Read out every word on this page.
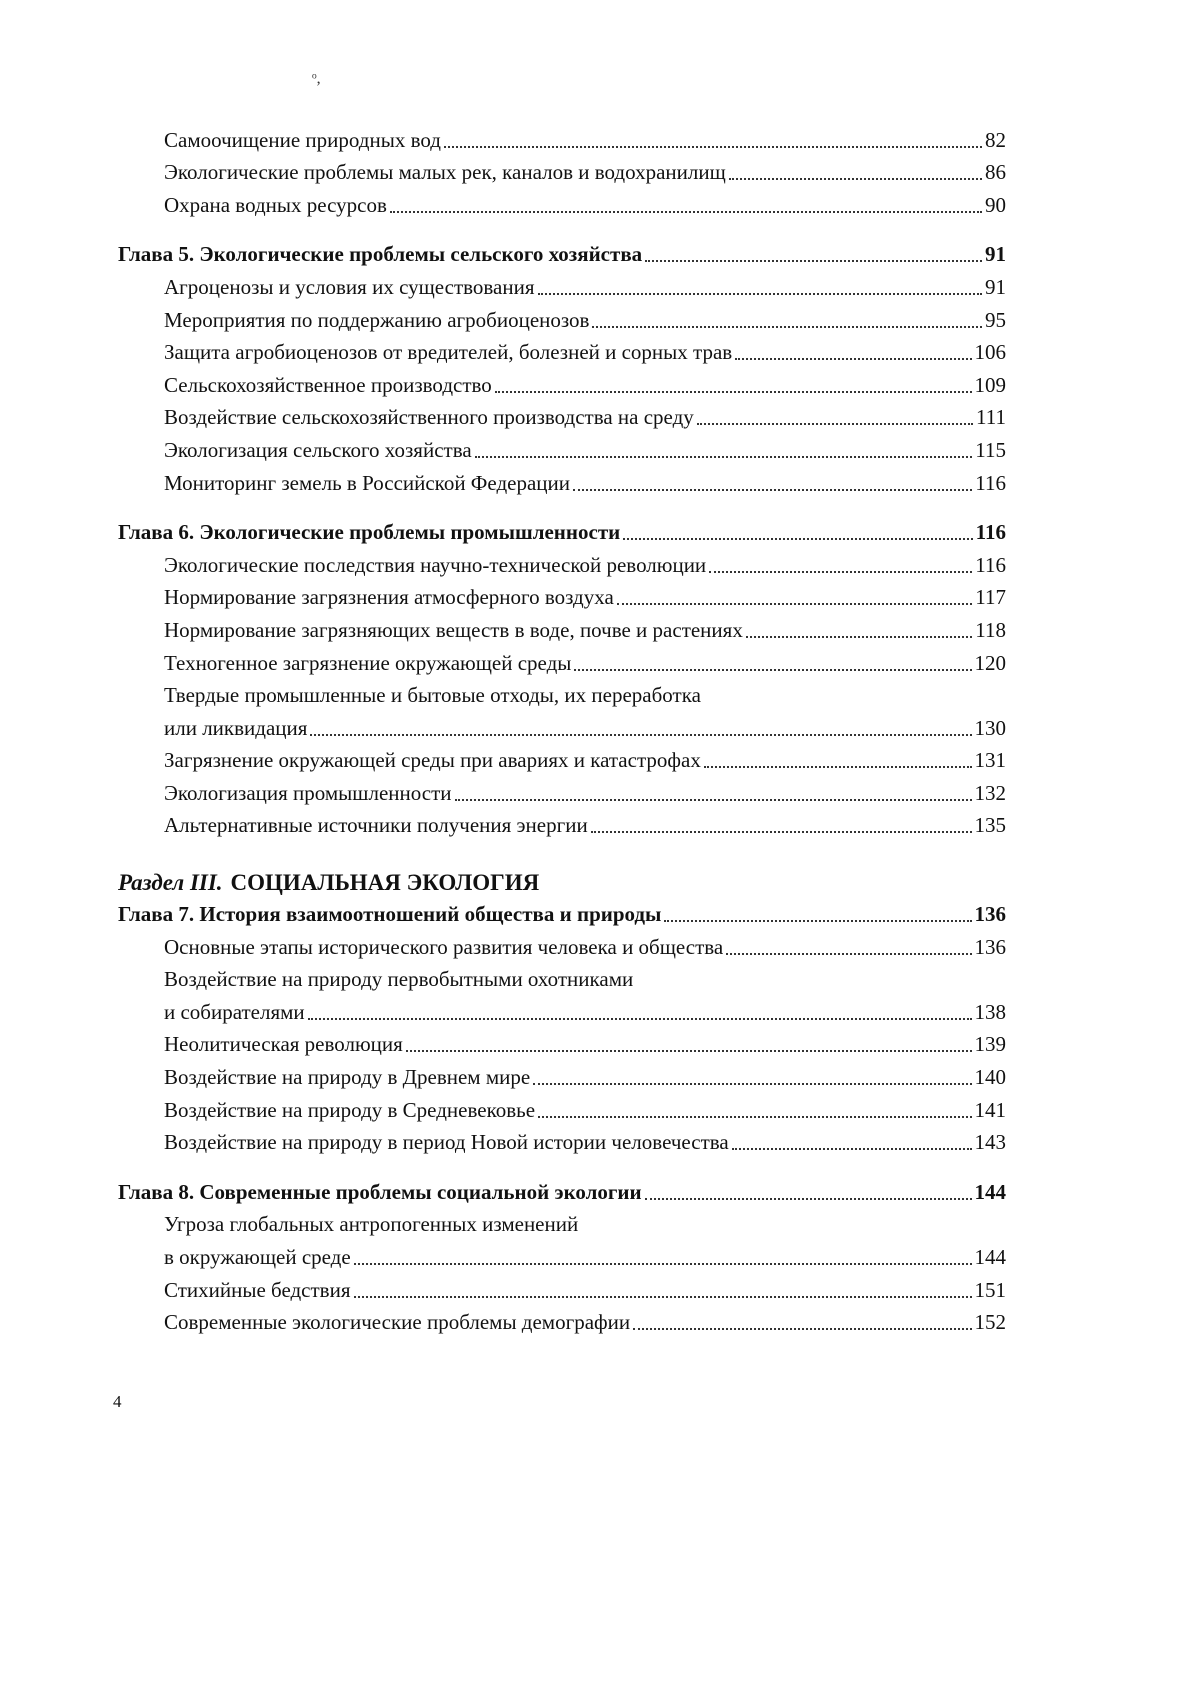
ᵒ,
Самоочищение природных вод	82
Экологические проблемы малых рек, каналов и водохранилищ	86
Охрана водных ресурсов	90
Глава 5. Экологические проблемы сельского хозяйства	91
Агроценозы и условия их существования	91
Мероприятия по поддержанию агробиоценозов	95
Защита агробиоценозов от вредителей, болезней и сорных трав	106
Сельскохозяйственное производство	109
Воздействие сельскохозяйственного производства на среду	111
Экологизация сельского хозяйства	115
Мониторинг земель в Российской Федерации	116
Глава 6. Экологические проблемы промышленности	116
Экологические последствия научно-технической революции	116
Нормирование загрязнения атмосферного воздуха	117
Нормирование загрязняющих веществ в воде, почве и растениях	118
Техногенное загрязнение окружающей среды	120
Твердые промышленные и бытовые отходы, их переработка
или ликвидация	130
Загрязнение окружающей среды при авариях и катастрофах	131
Экологизация промышленности	132
Альтернативные источники получения энергии	135
Раздел III. СОЦИАЛЬНАЯ ЭКОЛОГИЯ
Глава 7. История взаимоотношений общества и природы	136
Основные этапы исторического развития человека и общества	136
Воздействие на природу первобытными охотниками
и собирателями	138
Неолитическая революция	139
Воздействие на природу в Древнем мире	140
Воздействие на природу в Средневековье	141
Воздействие на природу в период Новой истории человечества	143
Глава 8. Современные проблемы социальной экологии	144
Угроза глобальных антропогенных изменений
в окружающей среде	144
Стихийные бедствия	151
Современные экологические проблемы демографии	152
4
